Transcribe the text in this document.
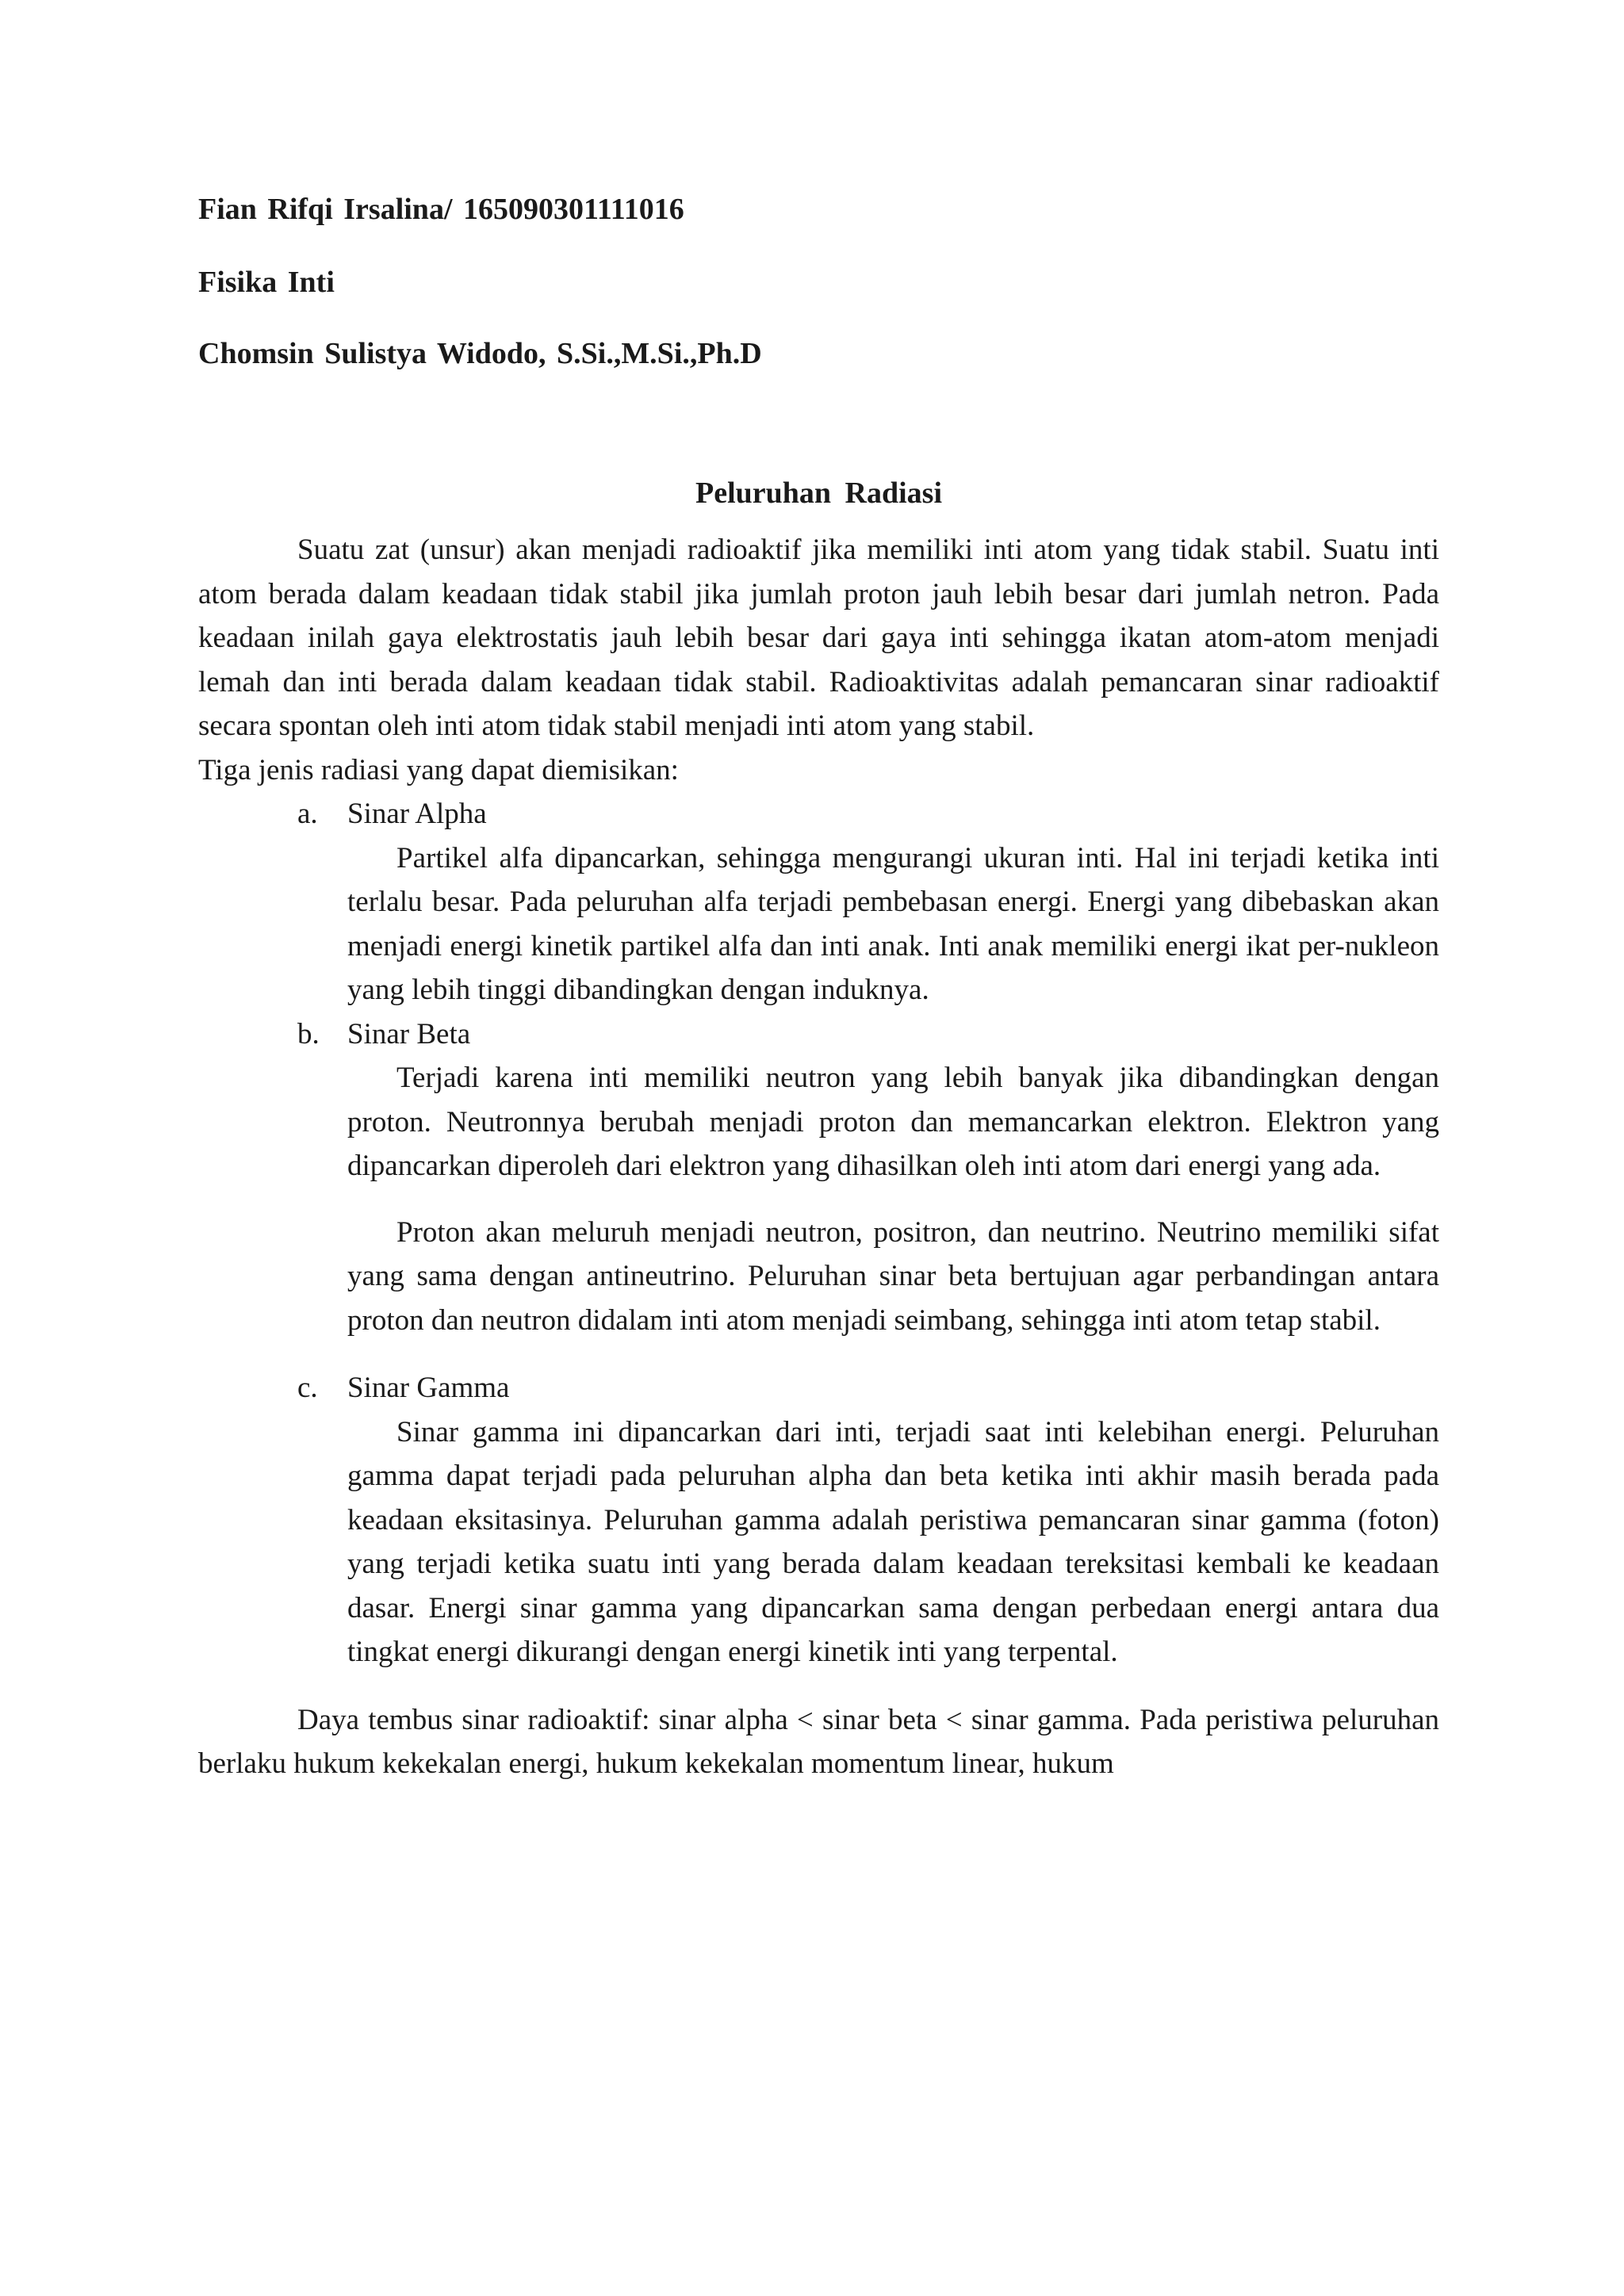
Fian Rifqi Irsalina/ 165090301111016

Fisika Inti

Chomsin Sulistya Widodo, S.Si.,M.Si.,Ph.D

Peluruhan Radiasi

Suatu zat (unsur) akan menjadi radioaktif jika memiliki inti atom yang tidak stabil. Suatu inti atom berada dalam keadaan tidak stabil jika jumlah proton jauh lebih besar dari jumlah netron. Pada keadaan inilah gaya elektrostatis jauh lebih besar dari gaya inti sehingga ikatan atom-atom menjadi lemah dan inti berada dalam keadaan tidak stabil. Radioaktivitas adalah pemancaran sinar radioaktif secara spontan oleh inti atom tidak stabil menjadi inti atom yang stabil.

Tiga jenis radiasi yang dapat diemisikan:

a. Sinar Alpha

Partikel alfa dipancarkan, sehingga mengurangi ukuran inti. Hal ini terjadi ketika inti terlalu besar. Pada peluruhan alfa terjadi pembebasan energi. Energi yang dibebaskan akan menjadi energi kinetik partikel alfa dan inti anak. Inti anak memiliki energi ikat per-nukleon yang lebih tinggi dibandingkan dengan induknya.

b. Sinar Beta

Terjadi karena inti memiliki neutron yang lebih banyak jika dibandingkan dengan proton. Neutronnya berubah menjadi proton dan memancarkan elektron. Elektron yang dipancarkan diperoleh dari elektron yang dihasilkan oleh inti atom dari energi yang ada.

Proton akan meluruh menjadi neutron, positron, dan neutrino. Neutrino memiliki sifat yang sama dengan antineutrino. Peluruhan sinar beta bertujuan agar perbandingan antara proton dan neutron didalam inti atom menjadi seimbang, sehingga inti atom tetap stabil.

c. Sinar Gamma

Sinar gamma ini dipancarkan dari inti, terjadi saat inti kelebihan energi. Peluruhan gamma dapat terjadi pada peluruhan alpha dan beta ketika inti akhir masih berada pada keadaan eksitasinya. Peluruhan gamma adalah peristiwa pemancaran sinar gamma (foton) yang terjadi ketika suatu inti yang berada dalam keadaan tereksitasi kembali ke keadaan dasar. Energi sinar gamma yang dipancarkan sama dengan perbedaan energi antara dua tingkat energi dikurangi dengan energi kinetik inti yang terpental.

Daya tembus sinar radioaktif: sinar alpha < sinar beta < sinar gamma. Pada peristiwa peluruhan berlaku hukum kekekalan energi, hukum kekekalan momentum linear, hukum
